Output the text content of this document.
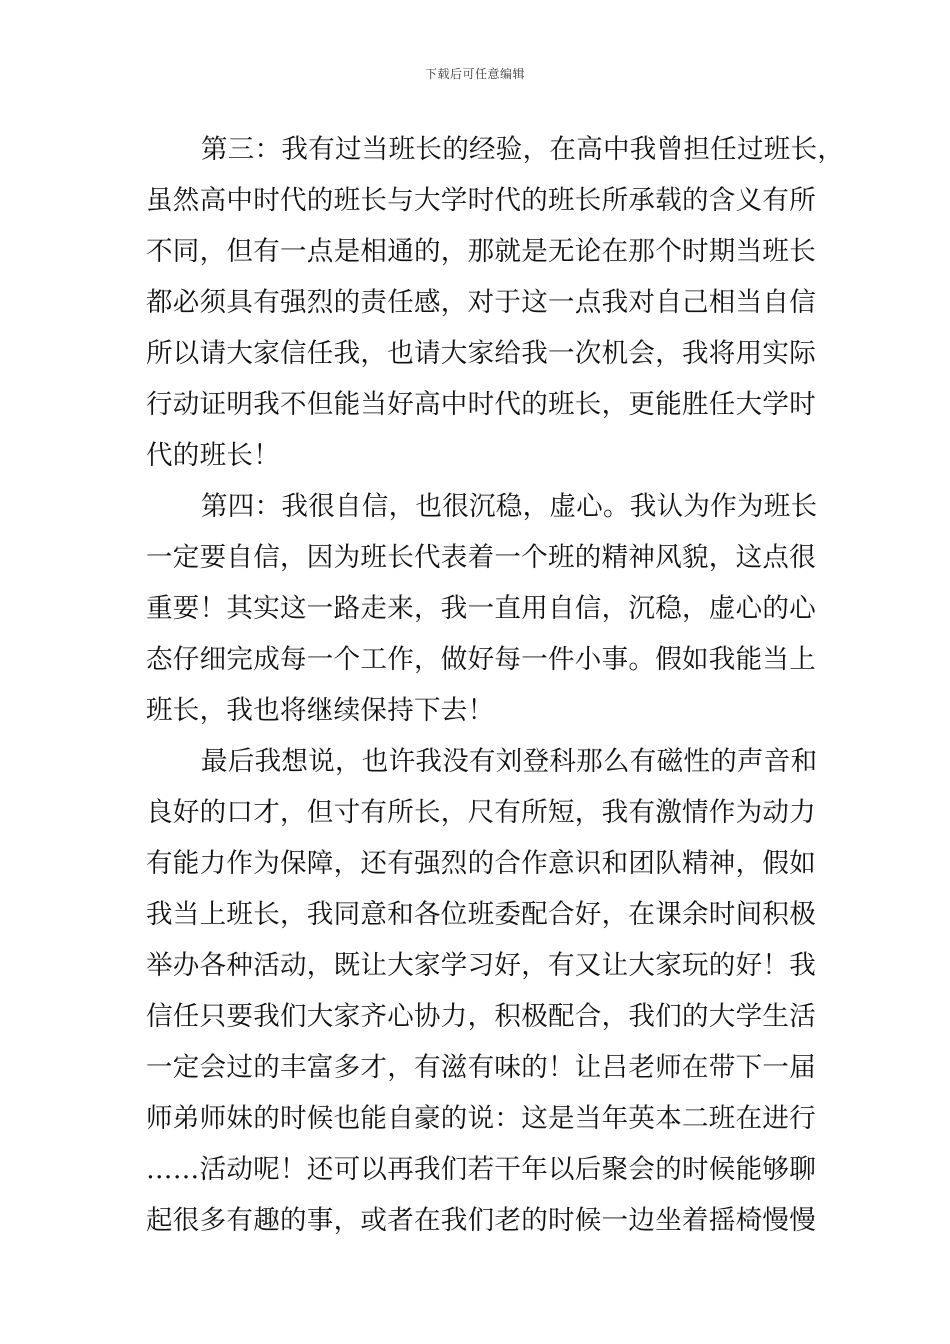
下载后可任意编辑
第三：我有过当班长的经验，在高中我曾担任过班长，
虽然高中时代的班长与大学时代的班长所承载的含义有所
不同，但有一点是相通的，那就是无论在那个时期当班长
都必须具有强烈的责任感，对于这一点我对自己相当自信
所以请大家信任我，也请大家给我一次机会，我将用实际
行动证明我不但能当好高中时代的班长，更能胜任大学时
代的班长！
第四：我很自信，也很沉稳，虚心。我认为作为班长
一定要自信，因为班长代表着一个班的精神风貌，这点很
重要！其实这一路走来，我一直用自信，沉稳，虚心的心
态仔细完成每一个工作，做好每一件小事。假如我能当上
班长，我也将继续保持下去！
最后我想说，也许我没有刘登科那么有磁性的声音和
良好的口才，但寸有所长，尺有所短，我有激情作为动力
有能力作为保障，还有强烈的合作意识和团队精神，假如
我当上班长，我同意和各位班委配合好，在课余时间积极
举办各种活动，既让大家学习好，有又让大家玩的好！我
信任只要我们大家齐心协力，积极配合，我们的大学生活
一定会过的丰富多才，有滋有味的！让吕老师在带下一届
师弟师妹的时候也能自豪的说：这是当年英本二班在进行
……活动呢！还可以再我们若干年以后聚会的时候能够聊
起很多有趣的事，或者在我们老的时候一边坐着摇椅慢慢
